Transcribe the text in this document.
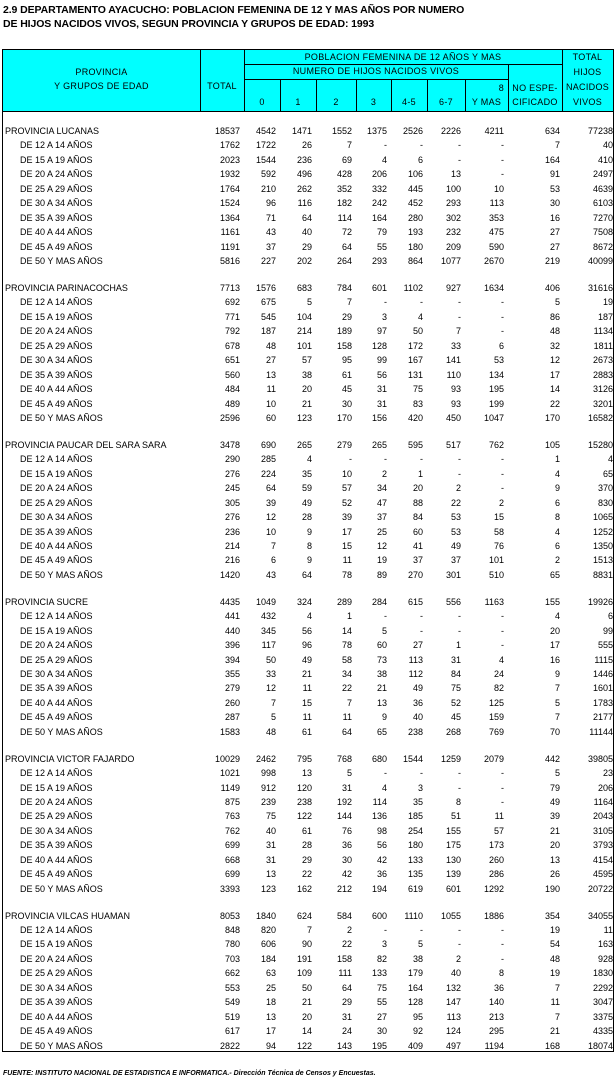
2.9 DEPARTAMENTO AYACUCHO: POBLACION FEMENINA DE 12 Y MAS AÑOS POR NUMERO
DE HIJOS NACIDOS VIVOS, SEGUN PROVINCIA Y GRUPOS DE EDAD: 1993
PROVINCIA
Y GRUPOS DE EDAD	TOTAL
POBLACION FEMENINA DE 12 AÑOS Y MAS
NUMERO DE HIJOS NACIDOS VIVOS
0	1	2	3	4-5	6-7
8
Y MAS
NO ESPE-
CIFICADO
TOTAL
HIJOS
NACIDOS
VIVOS
PROVINCIA LUCANAS	18537 4542 1471 1552 1375 2526 2226	4211	634	77238
DE 12 A 14 AÑOS	1762 1722	26	7	-	-	-	-	7	40
DE 15 A 19 AÑOS	2023 1544 236	69	4	6	-	-	164	410
DE 20 A 24 AÑOS	1932 592 496	428 206 106	13	-	91	2497
DE 25 A 29 AÑOS	1764 210 262	352 332 445	100	10	53	4639
DE 30 A 34 AÑOS	1524	96 116	182 242 452	293	113	30	6103
DE 35 A 39 AÑOS	1364	71	64	114 164 280	302	353	16	7270
DE 40 A 44 AÑOS	1161	43	40	72	79 193	232	475	27	7508
DE 45 A 49 AÑOS	1191	37	29	64	55 180	209	590	27	8672
DE 50 Y MAS AÑOS	5816 227 202	264 293 864 1077	2670	219	40099
PROVINCIA PARINACOCHAS	7713 1576 683	784 601 1102	927	1634	406	31616
DE 12 A 14 AÑOS	692 675	5	7	-	-	-	-	5	19
DE 15 A 19 AÑOS	771 545 104	29	3	4	-	-	86	187
DE 20 A 24 AÑOS	792 187 214	189	97	50	7	-	48	1134
DE 25 A 29 AÑOS	678	48 101	158 128 172	33	6	32	1811
DE 30 A 34 AÑOS	651	27	57	95	99 167	141	53	12	2673
DE 35 A 39 AÑOS	560	13	38	61	56 131	110	134	17	2883
DE 40 A 44 AÑOS	484	11	20	45	31	75	93	195	14	3126
DE 45 A 49 AÑOS	489	10	21	30	31	83	93	199	22	3201
DE 50 Y MAS AÑOS	2596	60 123	170 156 420	450	1047	170	16582
PROVINCIA PAUCAR DEL SARA SARA	3478 690 265	279 265 595	517	762	105	15280
DE 12 A 14 AÑOS	290 285	4	-	-	-	-	-	1	4
DE 15 A 19 AÑOS	276 224	35	10	2	1	-	-	4	65
DE 20 A 24 AÑOS	245	64	59	57	34	20	2	-	9	370
DE 25 A 29 AÑOS	305	39	49	52	47	88	22	2	6	830
DE 30 A 34 AÑOS	276	12	28	39	37	84	53	15	8	1065
DE 35 A 39 AÑOS	236	10	9	17	25	60	53	58	4	1252
DE 40 A 44 AÑOS	214	7	8	15	12	41	49	76	6	1350
DE 45 A 49 AÑOS	216	6	9	11	19	37	37	101	2	1513
DE 50 Y MAS AÑOS	1420	43	64	78	89 270	301	510	65	8831
PROVINCIA SUCRE	4435 1049 324	289 284 615	556	1163	155	19926
DE 12 A 14 AÑOS	441 432	4	1	-	-	-	-	4	6
DE 15 A 19 AÑOS	440 345	56	14	5	-	-	-	20	99
DE 20 A 24 AÑOS	396 117	96	78	60	27	1	-	17	555
DE 25 A 29 AÑOS	394	50	49	58	73 113	31	4	16	1115
DE 30 A 34 AÑOS	355	33	21	34	38 112	84	24	9	1446
DE 35 A 39 AÑOS	279	12	11	22	21	49	75	82	7	1601
DE 40 A 44 AÑOS	260	7	15	7	13	36	52	125	5	1783
DE 45 A 49 AÑOS	287	5	11	11	9	40	45	159	7	2177
DE 50 Y MAS AÑOS	1583	48	61	64	65 238	268	769	70	11144
PROVINCIA VICTOR FAJARDO	10029 2462 795	768 680 1544 1259	2079	442	39805
DE 12 A 14 AÑOS	1021 998	13	5	-	-	-	-	5	23
DE 15 A 19 AÑOS	1149 912 120	31	4	3	-	-	79	206
DE 20 A 24 AÑOS	875 239 238	192 114	35	8	-	49	1164
DE 25 A 29 AÑOS	763	75 122	144 136 185	51	11	39	2043
DE 30 A 34 AÑOS	762	40	61	76	98 254	155	57	21	3105
DE 35 A 39 AÑOS	699	31	28	36	56 180	175	173	20	3793
DE 40 A 44 AÑOS	668	31	29	30	42 133	130	260	13	4154
DE 45 A 49 AÑOS	699	13	22	42	36 135	139	286	26	4595
DE 50 Y MAS AÑOS	3393 123 162	212 194 619	601	1292	190	20722
PROVINCIA VILCAS HUAMAN	8053 1840 624	584 600 1110 1055	1886	354	34055
DE 12 A 14 AÑOS	848 820	7	2	-	-	-	-	19	11
DE 15 A 19 AÑOS	780 606	90	22	3	5	-	-	54	163
DE 20 A 24 AÑOS	703 184 191	158	82	38	2	-	48	928
DE 25 A 29 AÑOS	662	63 109	111 133 179	40	8	19	1830
DE 30 A 34 AÑOS	553	25	50	64	75 164	132	36	7	2292
DE 35 A 39 AÑOS	549	18	21	29	55 128	147	140	11	3047
DE 40 A 44 AÑOS	519	13	20	31	27	95	113	213	7	3375
DE 45 A 49 AÑOS	617	17	14	24	30	92	124	295	21	4335
DE 50 Y MAS AÑOS	2822	94 122	143 195 409	497	1194	168	18074
FUENTE: INSTITUTO NACIONAL DE ESTADISTICA E INFORMATICA.- Dirección Técnica de Censos y Encuestas.
